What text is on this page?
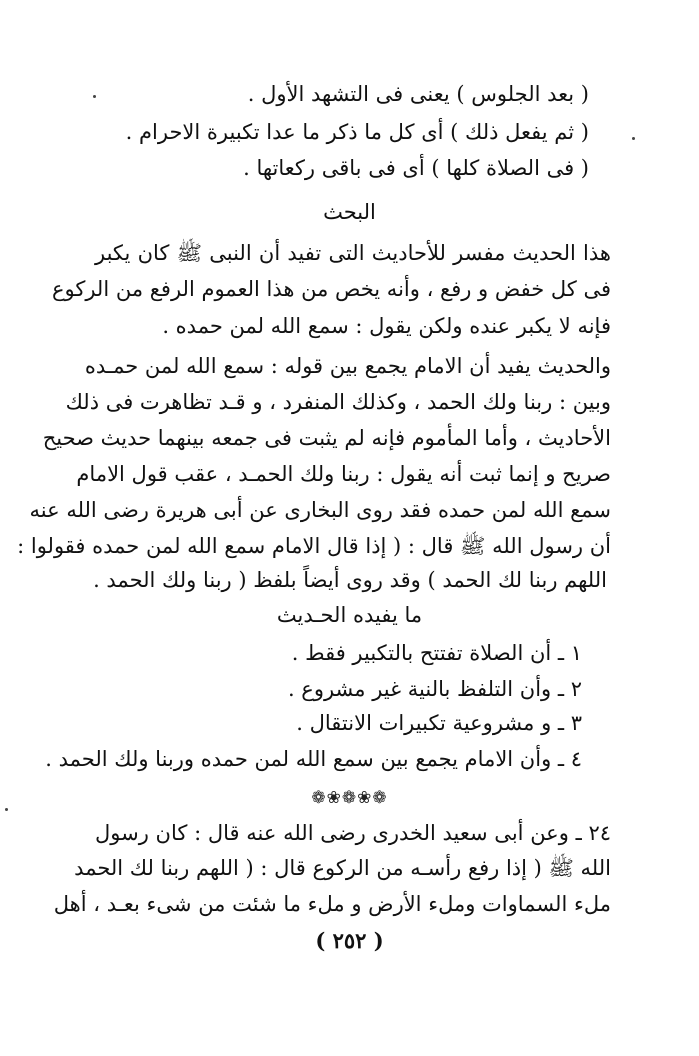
( بعد الجلوس ) يعنى فى التشهد الأول .
( ثم يفعل ذلك ) أى كل ما ذكر ما عدا تكبيرة الاحرام .
( فى الصلاة كلها ) أى فى باقى ركعاتها .
البحث
هذا الحديث مفسر للأحاديث التى تفيد أن النبى ﷺ كان يكبر
فى كل خفض و رفع ، وأنه يخص من هذا العموم الرفع من الركوع
فإنه لا يكبر عنده ولكن يقول : سمع الله لمن حمده .
والحديث يفيد أن الامام يجمع بين قوله : سمع الله لمن حمـده
وبين : ربنا ولك الحمد ، وكذلك المنفرد ، و قـد تظاهرت فى ذلك
الأحاديث ، وأما المأموم فإنه لم يثبت فى جمعه بينهما حديث صحيح
صريح و إنما ثبت أنه يقول : ربنا ولك الحمـد ، عقب قول الامام
سمع الله لمن حمده فقد روى البخارى عن أبى هريرة رضى الله عنه
أن رسول الله ﷺ قال : ( إذا قال الامام سمع الله لمن حمده فقولوا :
اللهم ربنا لك الحمد ) وقد روى أيضاً بلفظ ( ربنا ولك الحمد .
ما يفيده الحـديث
١ ـ أن الصلاة تفتتح بالتكبير فقط .
٢ ـ وأن التلفظ بالنية غير مشروع .
٣ ـ و مشروعية تكبيرات الانتقال .
٤ ـ وأن الامام يجمع بين سمع الله لمن حمده وربنا ولك الحمد .
❁❀❁❀❁
٢٤ ـ وعن أبى سعيد الخدرى رضى الله عنه قال : كان رسول
الله ﷺ ( إذا رفع رأسـه من الركوع قال : ( اللهم ربنا لك الحمد
ملء السماوات وملء الأرض و ملء ما شئت من شىء بعـد ، أهل
( ٢٥٢ )
